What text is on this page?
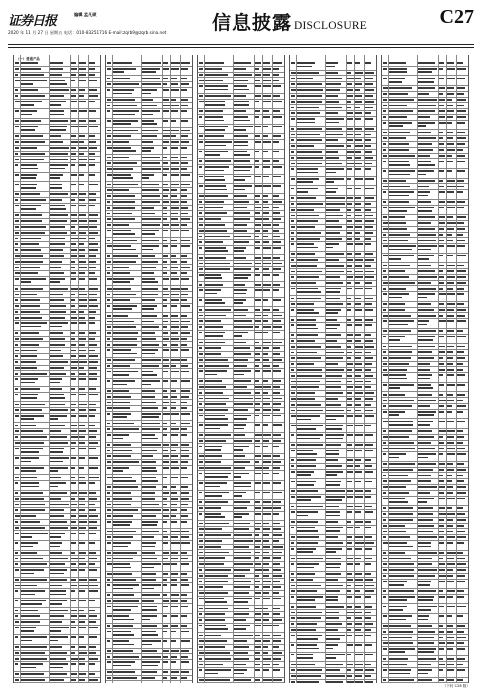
证券日报	编辑 孟凡硕
2020 年 11 月 27 日 星期五 电话：010-83251716 E-mail:zqrb9@zqrb.sina.net 信息披露 DISCLOSURE	C27
（一）普通产品
（下转 C28 版）
